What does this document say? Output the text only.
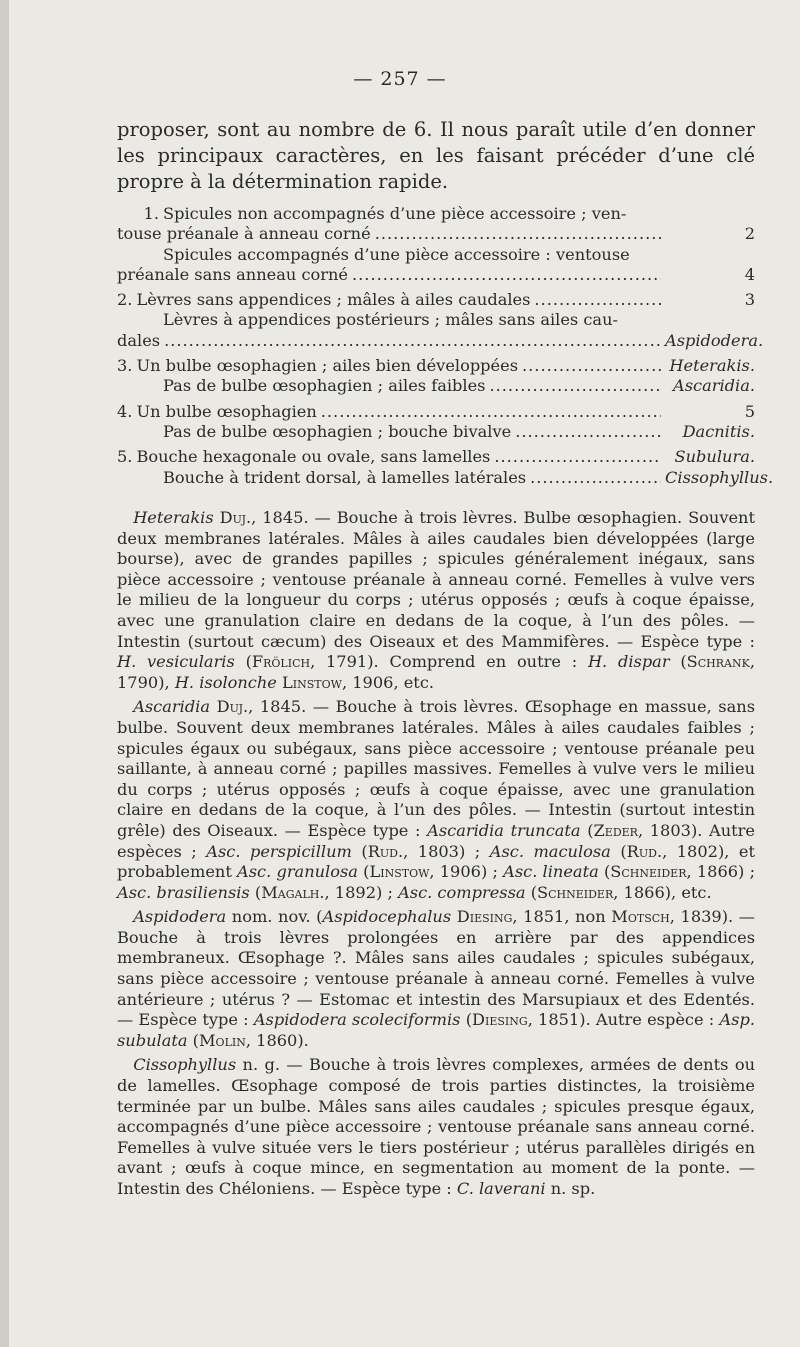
— 257 —

proposer, sont au nombre de 6. Il nous paraît utile d’en donner les principaux caractères, en les faisant précéder d’une clé propre à la détermination rapide.

1. Spicules non accompagnés d’une pièce accessoire ; ven-
touse préanale à anneau corné .....	2
Spicules accompagnés d’une pièce accessoire : ventouse
préanale sans anneau corné .....	4
2. Lèvres sans appendices ; mâles à ailes caudales .....	3
Lèvres à appendices postérieurs ; mâles sans ailes cau-
dales .....	Aspidodera.
3. Un bulbe œsophagien ; ailes bien développées .....	Heterakis.
Pas de bulbe œsophagien ; ailes faibles .....	Ascaridia.
4. Un bulbe œsophagien .....	5
Pas de bulbe œsophagien ; bouche bivalve .....	Dacnitis.
5. Bouche hexagonale ou ovale, sans lamelles .....	Subulura.
Bouche à trident dorsal, à lamelles latérales .....	Cissophyllus.

 Heterakis Duj., 1845. — Bouche à trois lèvres. Bulbe œsophagien. Souvent deux membranes latérales. Mâles à ailes caudales bien développées (large bourse), avec de grandes papilles ; spicules généralement inégaux, sans pièce accessoire ; ventouse préanale à anneau corné. Femelles à vulve vers le milieu de la longueur du corps ; utérus opposés ; œufs à coque épaisse, avec une granulation claire en dedans de la coque, à l’un des pôles. — Intestin (surtout cæcum) des Oiseaux et des Mammifères. — Espèce type : H. vesicularis (Frölich, 1791). Comprend en outre : H. dispar (Schrank, 1790), H. isolonche Linstow, 1906, etc.

 Ascaridia Duj., 1845. — Bouche à trois lèvres. Œsophage en massue, sans bulbe. Souvent deux membranes latérales. Mâles à ailes caudales faibles ; spicules égaux ou subégaux, sans pièce accessoire ; ventouse préanale peu saillante, à anneau corné ; papilles massives. Femelles à vulve vers le milieu du corps ; utérus opposés ; œufs à coque épaisse, avec une granulation claire en dedans de la coque, à l’un des pôles. — Intestin (surtout intestin grêle) des Oiseaux. — Espèce type : Ascaridia truncata (Zeder, 1803). Autre espèces ; Asc. perspicillum (Rud., 1803) ; Asc. maculosa (Rud., 1802), et probablement Asc. granulosa (Linstow, 1906) ; Asc. lineata (Schneider, 1866) ; Asc. brasiliensis (Magalh., 1892) ; Asc. compressa (Schneider, 1866), etc.

 Aspidodera nom. nov. (Aspidocephalus Diesing, 1851, non Motsch, 1839). — Bouche à trois lèvres prolongées en arrière par des appendices membraneux. Œsophage ?. Mâles sans ailes caudales ; spicules subégaux, sans pièce accessoire ; ventouse préanale à anneau corné. Femelles à vulve antérieure ; utérus ? — Estomac et intestin des Marsupiaux et des Edentés. — Espèce type : Aspidodera scoleciformis (Diesing, 1851). Autre espèce : Asp. subulata (Molin, 1860).

 Cissophyllus n. g. — Bouche à trois lèvres complexes, armées de dents ou de lamelles. Œsophage composé de trois parties distinctes, la troisième terminée par un bulbe. Mâles sans ailes caudales ; spicules presque égaux, accompagnés d’une pièce accessoire ; ventouse préanale sans anneau corné. Femelles à vulve située vers le tiers postérieur ; utérus parallèles dirigés en avant ; œufs à coque mince, en segmentation au moment de la ponte. — Intestin des Chéloniens. — Espèce type : C. laverani n. sp.
